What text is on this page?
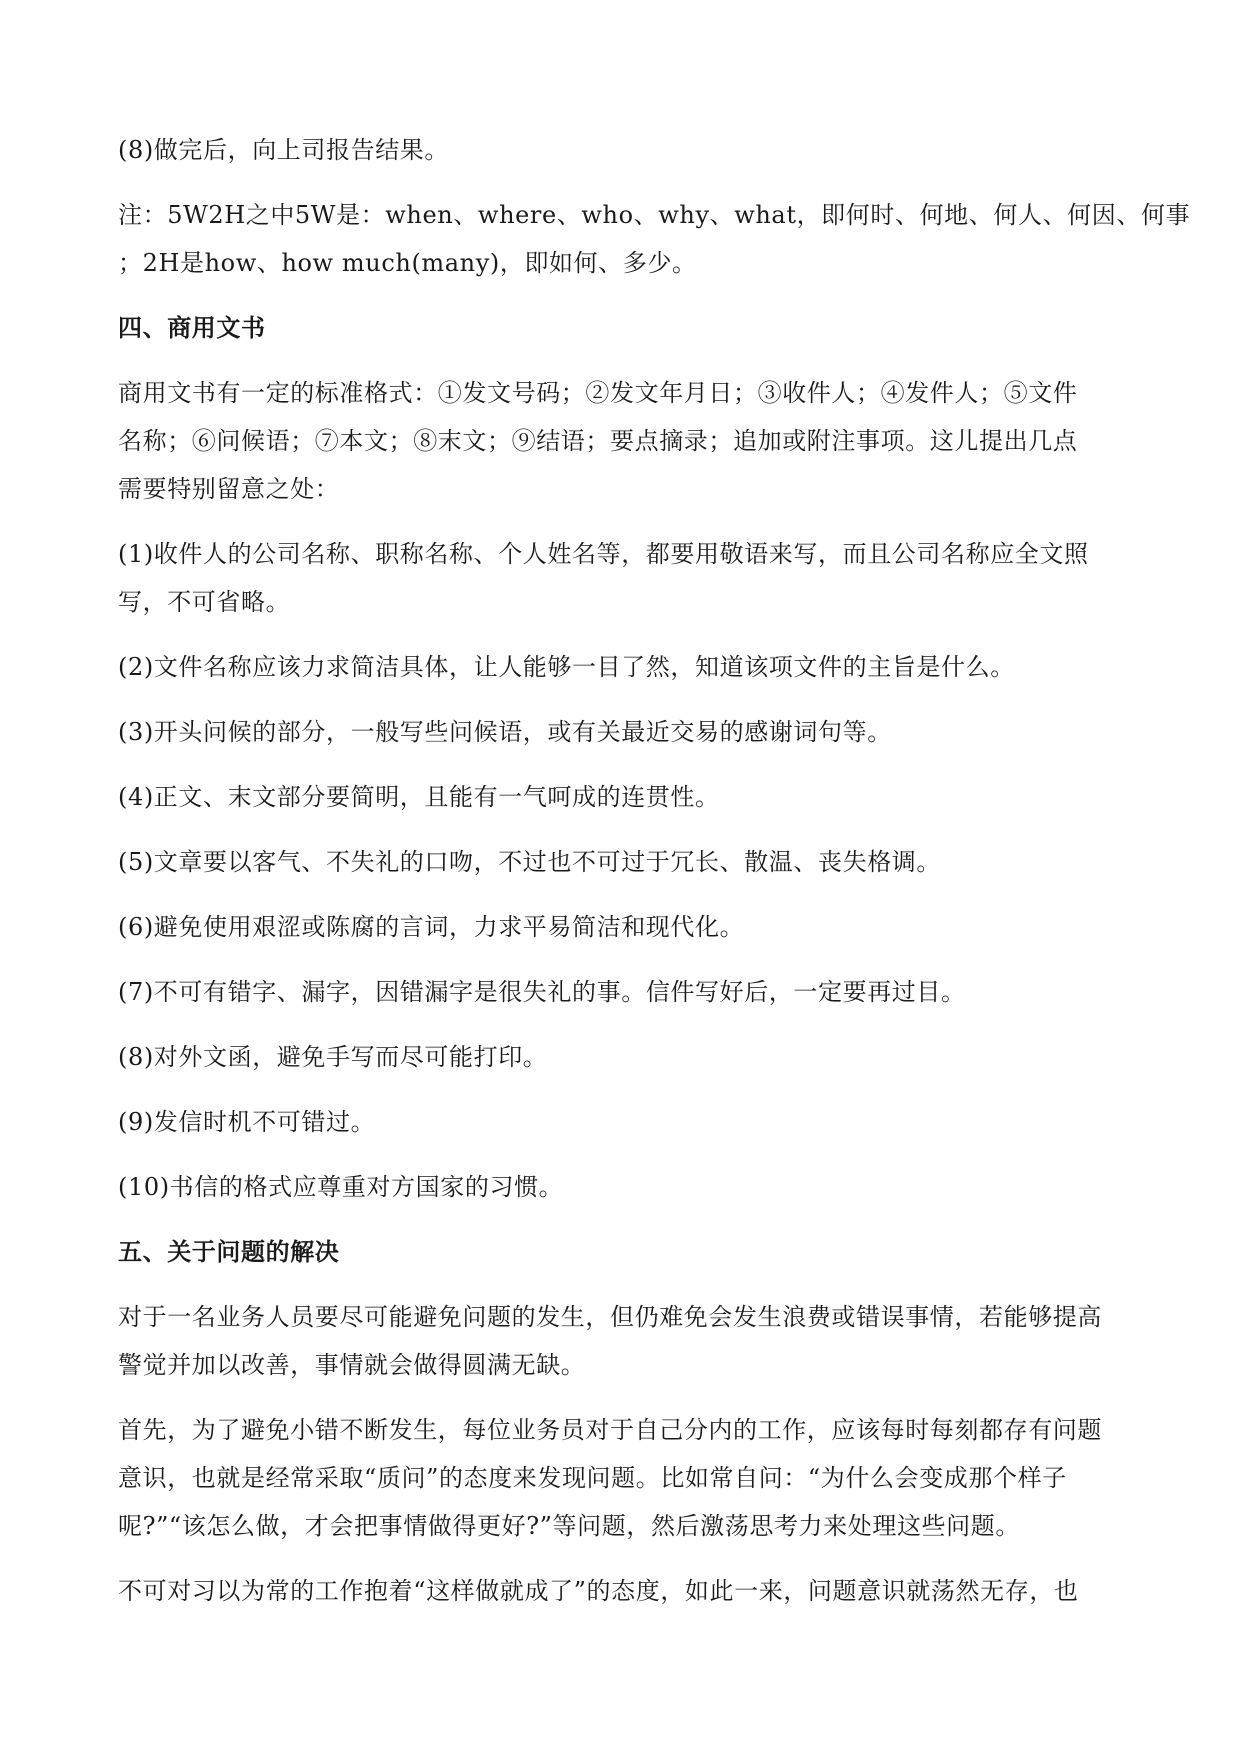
(8)做完后，向上司报告结果。

注：5W2H之中5W是：when、where、who、why、what，即何时、何地、何人、何因、何事
；2H是how、how much(many)，即如何、多少。

四、商用文书

商用文书有一定的标准格式：①发文号码；②发文年月日；③收件人；④发件人；⑤文件
名称；⑥问候语；⑦本文；⑧末文；⑨结语；要点摘录；追加或附注事项。这儿提出几点
需要特别留意之处：

(1)收件人的公司名称、职称名称、个人姓名等，都要用敬语来写，而且公司名称应全文照
写，不可省略。

(2)文件名称应该力求简洁具体，让人能够一目了然，知道该项文件的主旨是什么。

(3)开头问候的部分，一般写些问候语，或有关最近交易的感谢词句等。

(4)正文、末文部分要简明，且能有一气呵成的连贯性。

(5)文章要以客气、不失礼的口吻，不过也不可过于冗长、散温、丧失格调。

(6)避免使用艰涩或陈腐的言词，力求平易简洁和现代化。

(7)不可有错字、漏字，因错漏字是很失礼的事。信件写好后，一定要再过目。

(8)对外文函，避免手写而尽可能打印。

(9)发信时机不可错过。

(10)书信的格式应尊重对方国家的习惯。

五、关于问题的解决

对于一名业务人员要尽可能避免问题的发生，但仍难免会发生浪费或错误事情，若能够提高
警觉并加以改善，事情就会做得圆满无缺。

首先，为了避免小错不断发生，每位业务员对于自己分内的工作，应该每时每刻都存有问题
意识，也就是经常采取“质问”的态度来发现问题。比如常自问：“为什么会变成那个样子
呢?”“该怎么做，才会把事情做得更好?”等问题，然后激荡思考力来处理这些问题。

不可对习以为常的工作抱着“这样做就成了”的态度，如此一来，问题意识就荡然无存，也
